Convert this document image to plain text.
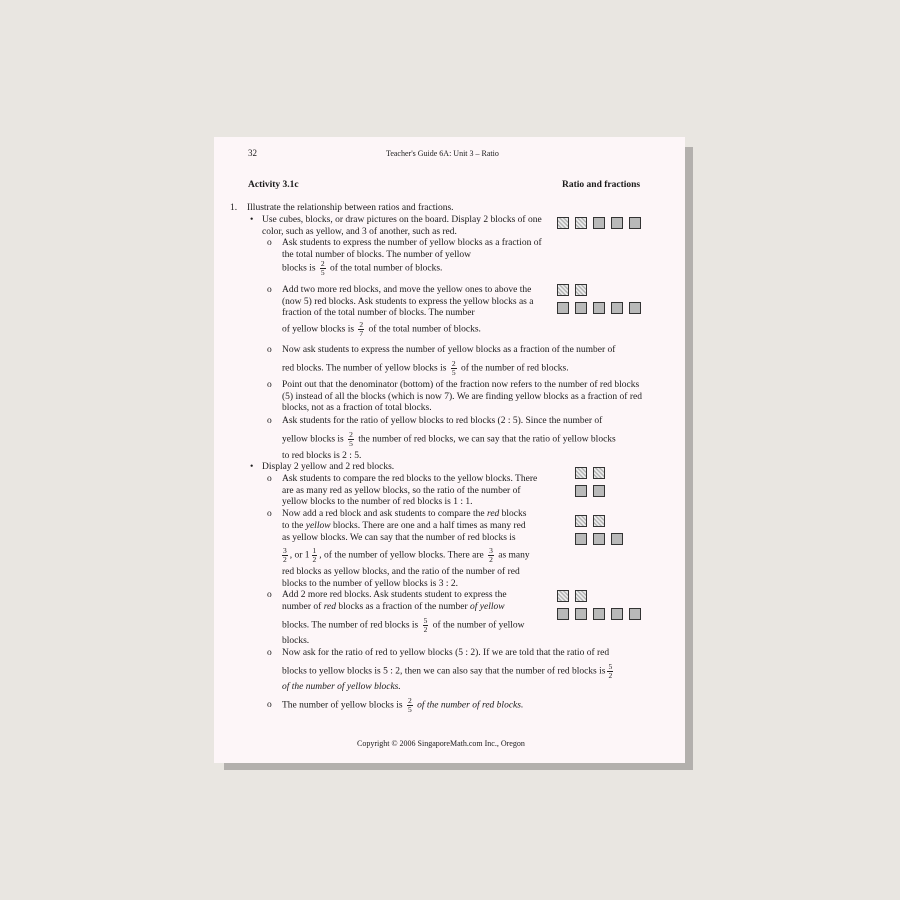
32	Teacher's Guide 6A: Unit 3 – Ratio
Activity 3.1c	Ratio and fractions
1. Illustrate the relationship between ratios and fractions.
• Use cubes, blocks, or draw pictures on the board. Display 2 blocks of one color, such as yellow, and 3 of another, such as red.
o Ask students to express the number of yellow blocks as a fraction of the total number of blocks. The number of yellow
blocks is $\frac{2}{5}$ of the total number of blocks.
o Add two more red blocks, and move the yellow ones to above the (now 5) red blocks. Ask students to express the yellow blocks as a fraction of the total number of blocks. The number
of yellow blocks is $\frac{2}{7}$ of the total number of blocks.
o Now ask students to express the number of yellow blocks as a fraction of the number of
red blocks. The number of yellow blocks is $\frac{2}{5}$ of the number of red blocks.
o Point out that the denominator (bottom) of the fraction now refers to the number of red blocks (5) instead of all the blocks (which is now 7). We are finding yellow blocks as a fraction of red blocks, not as a fraction of total blocks.
o Ask students for the ratio of yellow blocks to red blocks (2 : 5). Since the number of
yellow blocks is $\frac{2}{5}$ the number of red blocks, we can say that the ratio of yellow blocks
to red blocks is 2 : 5.
• Display 2 yellow and 2 red blocks.
o Ask students to compare the red blocks to the yellow blocks. There are as many red as yellow blocks, so the ratio of the number of yellow blocks to the number of red blocks is 1 : 1.
o Now add a red block and ask students to compare the red blocks
to the yellow blocks. There are one and a half times as many red
as yellow blocks. We can say that the number of red blocks is
$\frac{3}{2}$ , or $1 \frac{1}{2}$ , of the number of yellow blocks. There are $\frac{3}{2}$ as many
red blocks as yellow blocks, and the ratio of the number of red blocks to the number of yellow blocks is 3 : 2.
o Add 2 more red blocks. Ask students student to express the
number of red blocks as a fraction of the number of yellow
blocks. The number of red blocks is $\frac{5}{2}$ of the number of yellow
blocks.
o Now ask for the ratio of red to yellow blocks (5 : 2). If we are told that the ratio of red
blocks to yellow blocks is 5 : 2, then we can also say that the number of red blocks is $\frac{5}{2}$
of the number of yellow blocks.
o The number of yellow blocks is $\frac{2}{5}$ of the number of red blocks.
Copyright © 2006 SingaporeMath.com Inc., Oregon
